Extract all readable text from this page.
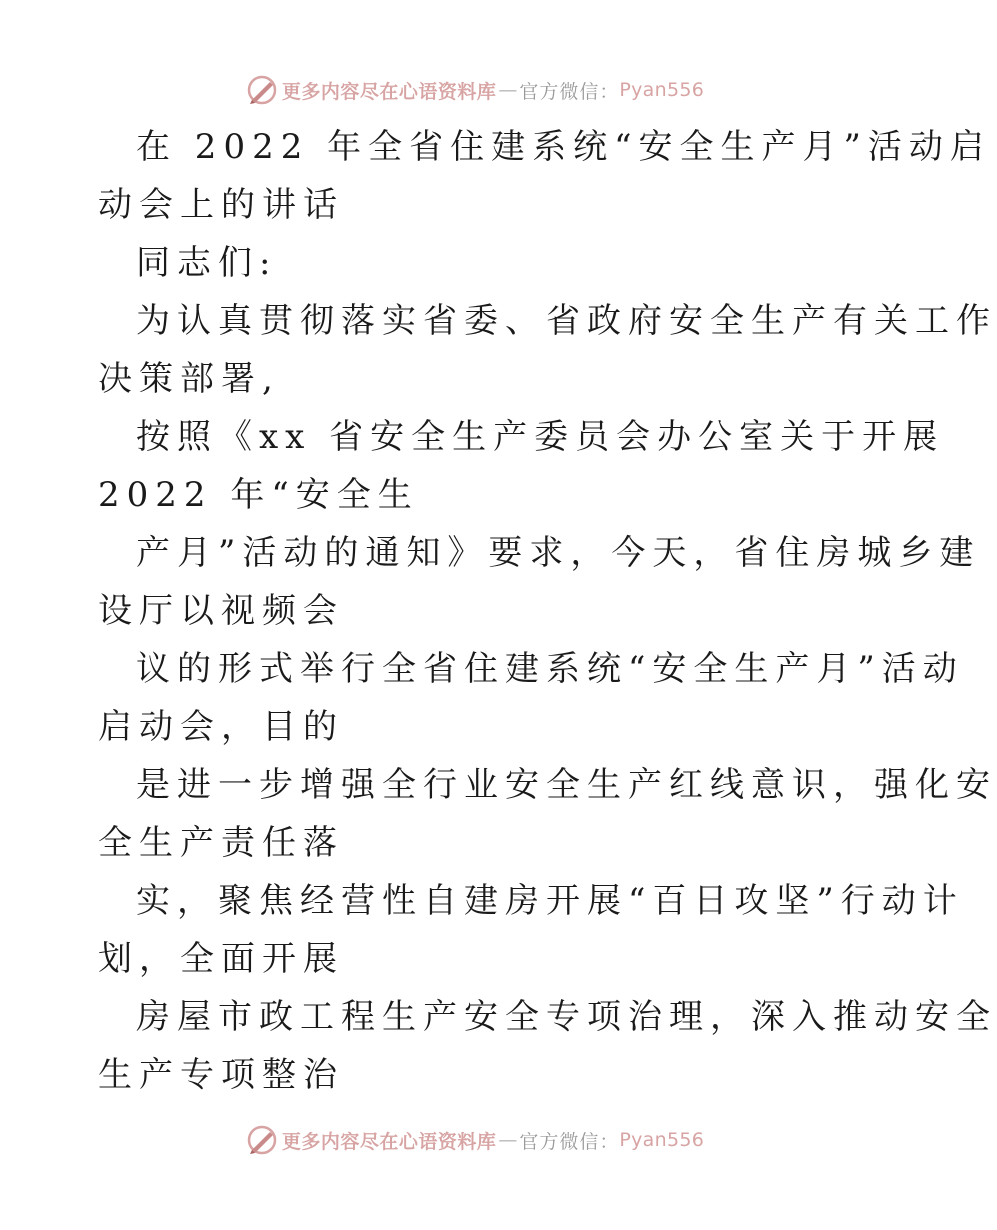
更多内容尽在心语资料库 — 官方微信： Pyan556
在 2022 年全省住建系统“安全生产月”活动启
动会上的讲话
同志们:
为认真贯彻落实省委、省政府安全生产有关工作
决策部署,
按照《xx 省安全生产委员会办公室关于开展
2022 年“安全生
产月”活动的通知》要求，今天，省住房城乡建
设厅以视频会
议的形式举行全省住建系统“安全生产月”活动
启动会，目的
是进一步增强全行业安全生产红线意识，强化安
全生产责任落
实，聚焦经营性自建房开展“百日攻坚”行动计
划，全面开展
房屋市政工程生产安全专项治理，深入推动安全
生产专项整治
更多内容尽在心语资料库 — 官方微信： Pyan556
